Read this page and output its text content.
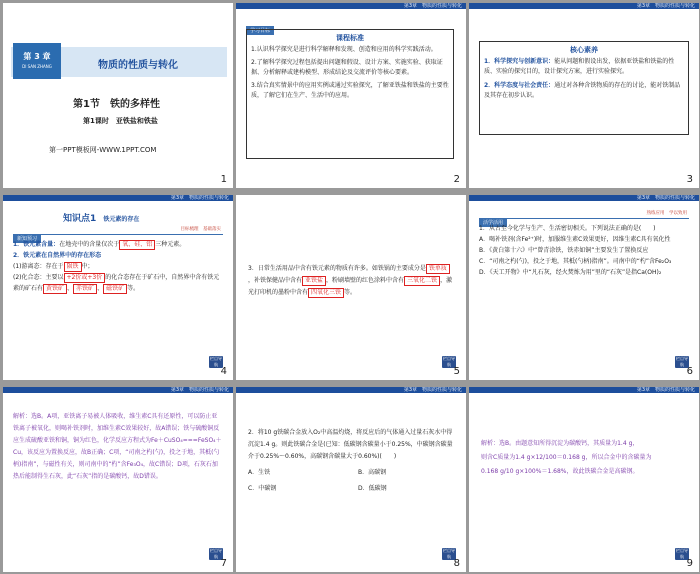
第 3 章
DI SAN ZHANG	物质的性质与转化
第1节　铁的多样性
第1课时　亚铁盐和铁盐
第一PPT模板网-WWW.1PPT.COM
1
第3章　物质的性质与转化
学习目标
课程标准
1.认识科学探究是进行科学解释和发现、创造和应用的科学实践活动。
2.了解科学探究过程包括提出问题和假设、设计方案、实施实验、获取证据、分析解释或建构模型、形成结论及交流评价等核心要素。
3.结合真实情景中的应用实例或通过实验探究，了解亚铁盐和铁盐的主要性质，了解它们在生产、生活中的应用。
2
第3章　物质的性质与转化
核心素养
1．科学探究与创新意识：能从问题和假设出发，依据亚铁盐和铁盐的性质、实验的探究目的，设计探究方案，进行实验探究。
2．科学态度与社会责任：通过对各种含铁物质的存在的讨论，能对铁制品及其存在初步认识。
3
第3章　物质的性质与转化
知识点1 铁元素的存在
新知预习
目标梳理　基础落实
1．铁元素含量：在地壳中的含量仅次于 氧、硅、铝 三种元素。
2．铁元素在自然界中的存在形态
(1)游离态：存在于 陨铁 中；
(2)化合态：主要以 +2价或+3价 的化合态存在于矿石中，自然界中含有铁元素的矿石有 黄铁矿 、 赤铁矿 、 磁铁矿 等。
栏目导航
4
3．日常生活用品中含有铁元素的物质有许多。如铁锅的主要成分是 铁单质，补铁保健品中含有 亚铁盐 ，粉刷墙壁的红色涂料中含有 三氧化二铁 ，激光打印机的墨粉中含有 四氧化三铁 等。
栏目导航
5
第3章　物质的性质与转化
活学活用
熟练应用　学以致用
1．从古至今化学与生产、生活密切相关。下列说法正确的是(　　)
A．喝补铁剂(含Fe²⁺)时，加服维生素C效果更好，因维生素C具有氧化性
B．《黄白第十六》中“曾青涂铁，铁赤如铜”主要发生了置换反应
C．“司南之杓(勺)，投之于地，其柢(勺柄)指南”。司南中的“杓”含Fe₂O₃
D．《天工开物》中“凡石灰，经火焚炼为用”里的“石灰”是指Ca(OH)₂
栏目导航
6
第3章　物质的性质与转化
解析：选B。A项，亚铁离子易被人体吸收，维生素C具有还原性，可以防止亚铁离子被氧化，则喝补铁剂时，加维生素C效果较好，故A错误；铁与硫酸铜反应生成硫酸亚铁和铜，铜为红色，化学反应方程式为Fe＋CuSO₄===FeSO₄＋Cu，该反应为置换反应，故B正确；C项，“司南之杓(勺)，投之于地，其柢(勺柄)指南”，与磁性有关，则司南中的“杓”含Fe₃O₄，故C错误；D项，石灰石加热后能制得生石灰，此“石灰”指的是碳酸钙，故D错误。
栏目导航
7
第3章　物质的性质与转化
2．将10 g铁碳合金放入O₂中高温灼烧，将反应后的气体通入过量石灰水中得沉淀1.4 g。则此铁碳合金是(已知：低碳钢含碳量小于0.25%，中碳钢含碳量介于0.25%～0.60%，高碳钢含碳量大于0.60%)(　　)
A．生铁	B．高碳钢
C．中碳钢	D．低碳钢
栏目导航
8
第3章　物质的性质与转化
解析：选B。由题意知所得沉淀为碳酸钙，其质量为1.4 g，
则含C质量为1.4 g×12/100＝0.168 g，所以合金中的含碳量为
0.168 g/10 g×100%＝1.68%，故此铁碳合金是高碳钢。
栏目导航
9
